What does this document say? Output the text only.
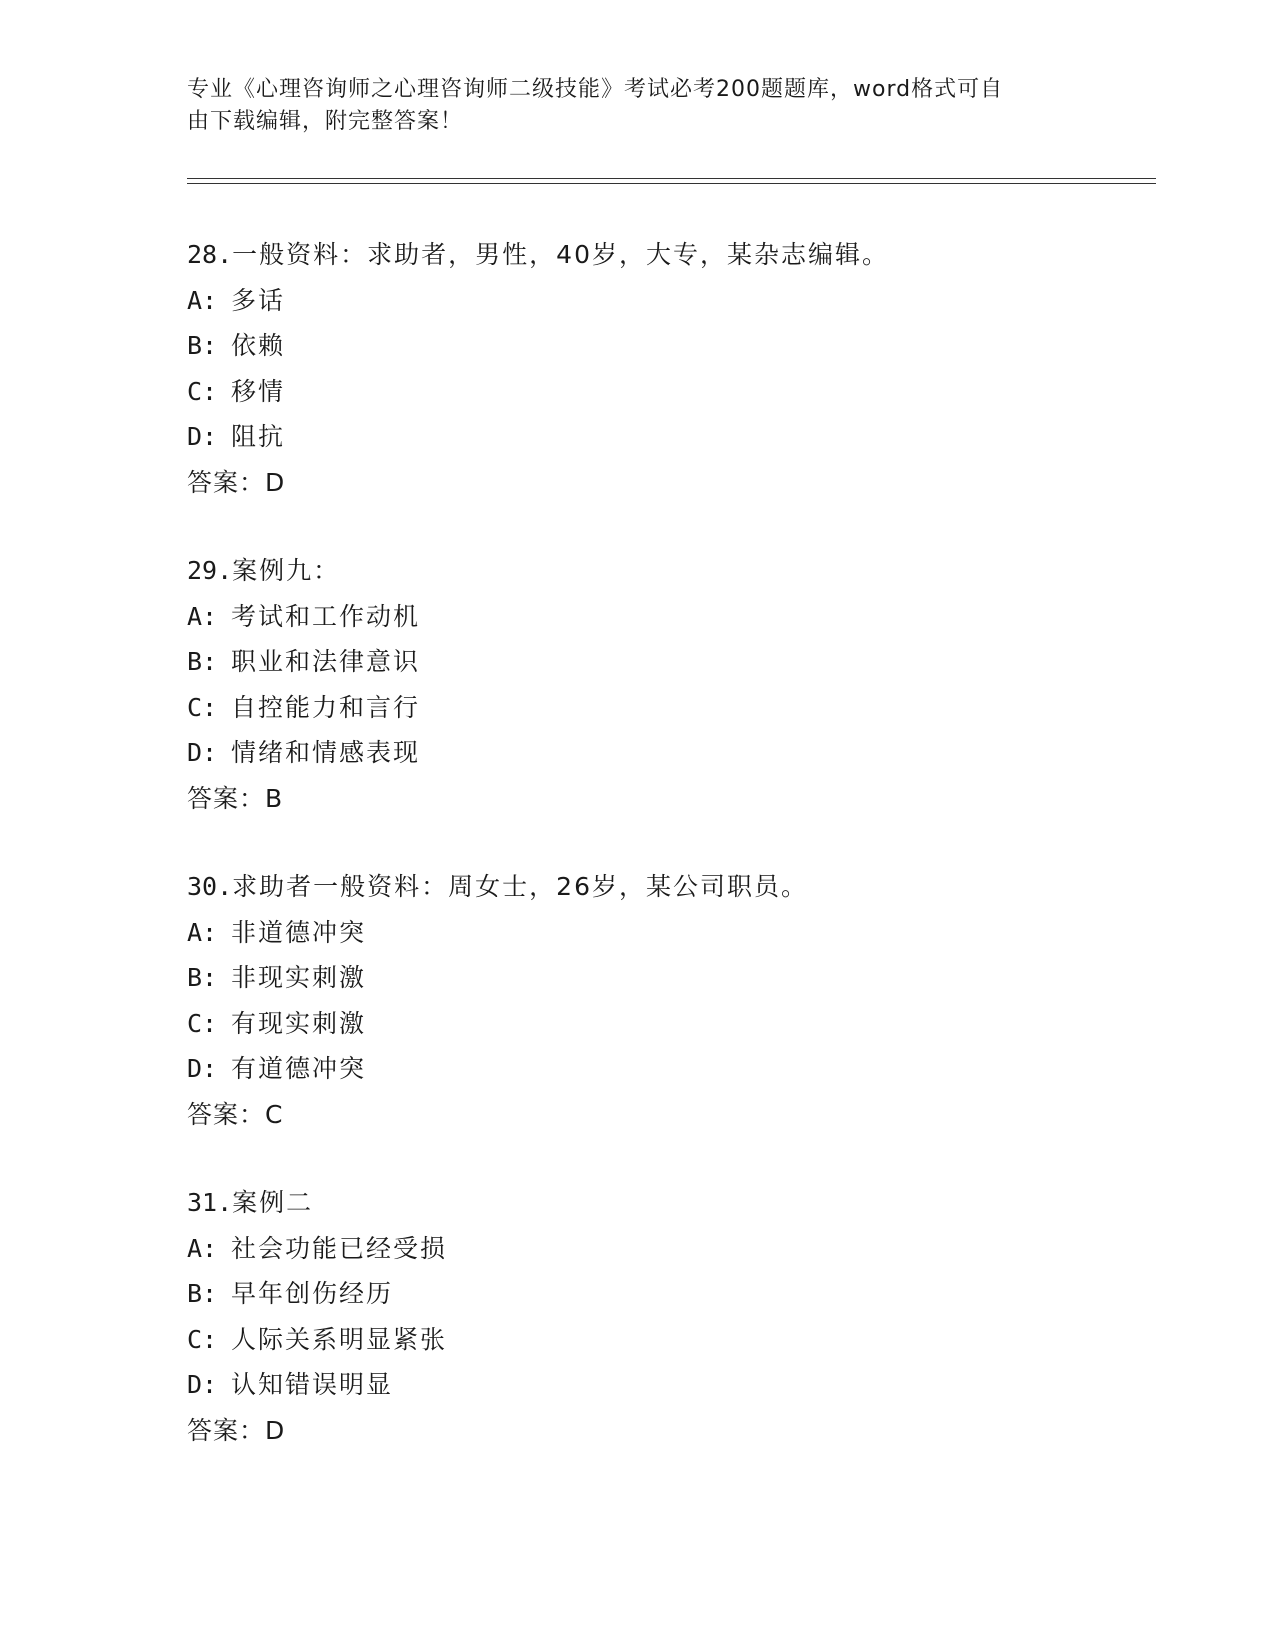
专业《心理咨询师之心理咨询师二级技能》考试必考200题题库，word格式可自
由下载编辑，附完整答案！
28.一般资料：求助者，男性，40岁，大专，某杂志编辑。
A: 多话
B: 依赖
C: 移情
D: 阻抗
答案：D
29.案例九：
A: 考试和工作动机
B: 职业和法律意识
C: 自控能力和言行
D: 情绪和情感表现
答案：B
30.求助者一般资料：周女士，26岁，某公司职员。
A: 非道德冲突
B: 非现实刺激
C: 有现实刺激
D: 有道德冲突
答案：C
31.案例二
A: 社会功能已经受损
B: 早年创伤经历
C: 人际关系明显紧张
D: 认知错误明显
答案：D
